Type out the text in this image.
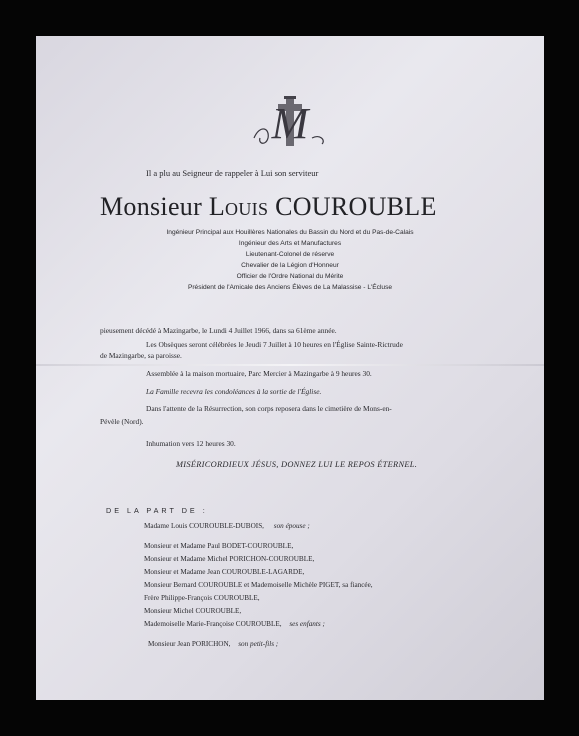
M
Il a plu au Seigneur de rappeler à Lui son serviteur
Monsieur Louis COUROUBLE
Ingénieur Principal aux Houillères Nationales du Bassin du Nord et du Pas-de-Calais
Ingénieur des Arts et Manufactures
Lieutenant-Colonel de réserve
Chevalier de la Légion d'Honneur
Officier de l'Ordre National du Mérite
Président de l'Amicale des Anciens Élèves de La Malassise - L'Écluse
pieusement décédé à Mazingarbe, le Lundi 4 Juillet 1966, dans sa 61ème année.
Les Obsèques seront célébrées le Jeudi 7 Juillet à 10 heures en l'Église Sainte-Rictrude
de Mazingarbe, sa paroisse.
Assemblée à la maison mortuaire, Parc Mercier à Mazingarbe à 9 heures 30.
La Famille recevra les condoléances à la sortie de l'Église.
Dans l'attente de la Résurrection, son corps reposera dans le cimetière de Mons-en-
Pévèle (Nord).
Inhumation vers 12 heures 30.
MISÉRICORDIEUX JÉSUS, DONNEZ LUI LE REPOS ÉTERNEL.
DE LA PART DE :
Madame Louis COUROUBLE-DUBOIS, son épouse ;
Monsieur et Madame Paul BODET-COUROUBLE,
Monsieur et Madame Michel PORICHON-COUROUBLE,
Monsieur et Madame Jean COUROUBLE-LAGARDE,
Monsieur Bernard COUROUBLE et Mademoiselle Michèle PIGET, sa fiancée,
Frère Philippe-François COUROUBLE,
Monsieur Michel COUROUBLE,
Mademoiselle Marie-Françoise COUROUBLE, ses enfants ;
Monsieur Jean PORICHON, son petit-fils ;
